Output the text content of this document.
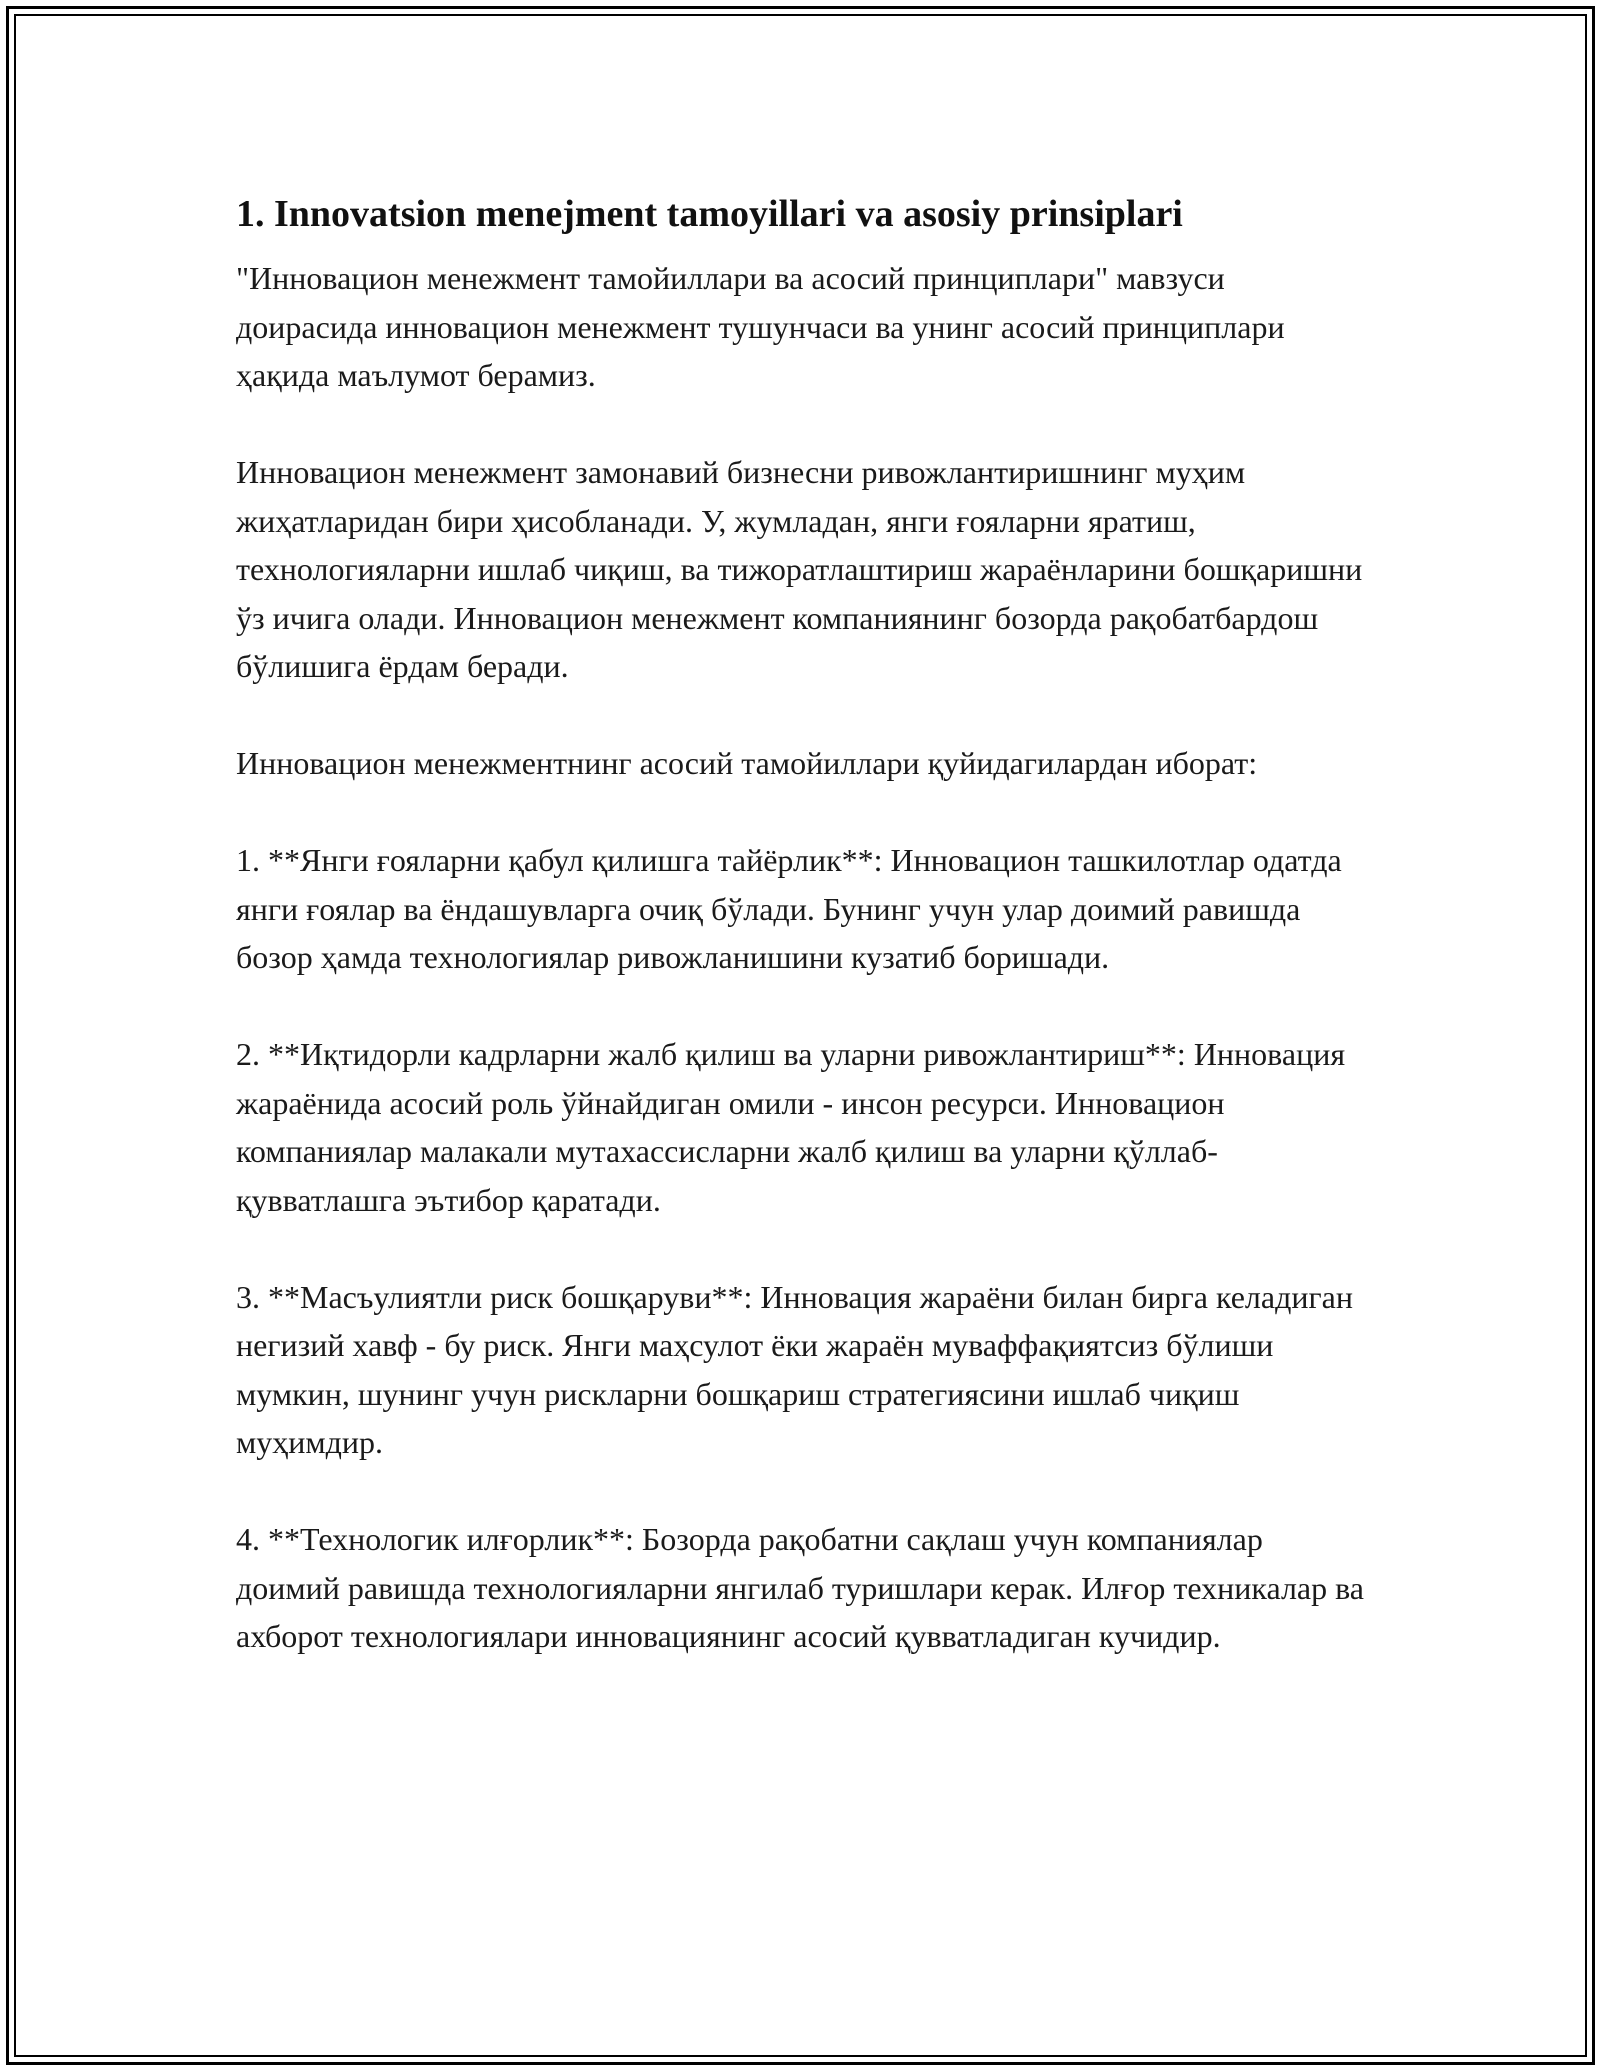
1. Innovatsion menejment tamoyillari va asosiy prinsiplari

"Инновацион менежмент тамойиллари ва асосий принциплари" мавзуси доирасида инновацион менежмент тушунчаси ва унинг асосий принциплари ҳақида маълумот берамиз.

Инновацион менежмент замонавий бизнесни ривожлантиришнинг муҳим жиҳатларидан бири ҳисобланади. У, жумладан, янги ғояларни яратиш, технологияларни ишлаб чиқиш, ва тижоратлаштириш жараёнларини бошқаришни ўз ичига олади. Инновацион менежмент компаниянинг бозорда рақобатбардош бўлишига ёрдам беради.

Инновацион менежментнинг асосий тамойиллари қуйидагилардан иборат:

1. **Янги ғояларни қабул қилишга тайёрлик**: Инновацион ташкилотлар одатда янги ғоялар ва ёндашувларга очиқ бўлади. Бунинг учун улар доимий равишда бозор ҳамда технологиялар ривожланишини кузатиб боришади.

2. **Иқтидорли кадрларни жалб қилиш ва уларни ривожлантириш**: Инновация жараёнида асосий роль ўйнайдиган омили - инсон ресурси. Инновацион компаниялар малакали мутахассисларни жалб қилиш ва уларни қўллаб-қувватлашга эътибор қаратади.

3. **Масъулиятли риск бошқаруви**: Инновация жараёни билан бирга келадиган негизий хавф - бу риск. Янги маҳсулот ёки жараён муваффақиятсиз бўлиши мумкин, шунинг учун рискларни бошқариш стратегиясини ишлаб чиқиш муҳимдир.

4. **Технологик илғорлик**: Бозорда рақобатни сақлаш учун компаниялар доимий равишда технологияларни янгилаб туришлари керак. Илғор техникалар ва ахборот технологиялари инновациянинг асосий қувватладиган кучидир.
